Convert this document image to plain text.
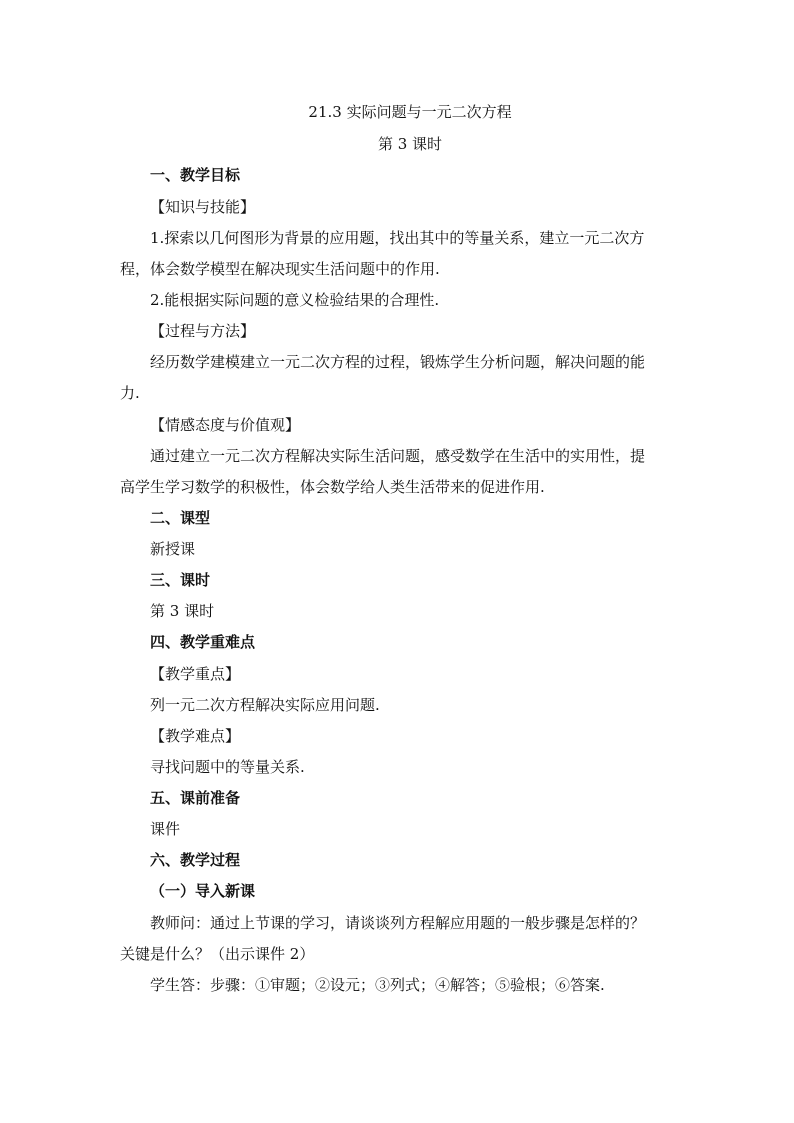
21.3 实际问题与一元二次方程
第 3 课时
一、教学目标
【知识与技能】
1.探索以几何图形为背景的应用题，找出其中的等量关系，建立一元二次方
程，体会数学模型在解决现实生活问题中的作用.
2.能根据实际问题的意义检验结果的合理性.
【过程与方法】
经历数学建模建立一元二次方程的过程，锻炼学生分析问题，解决问题的能
力.
【情感态度与价值观】
通过建立一元二次方程解决实际生活问题，感受数学在生活中的实用性，提
高学生学习数学的积极性，体会数学给人类生活带来的促进作用.
二、课型
新授课
三、课时
第 3 课时
四、教学重难点
【教学重点】
列一元二次方程解决实际应用问题.
【教学难点】
寻找问题中的等量关系.
五、课前准备
课件
六、教学过程
（一）导入新课
教师问：通过上节课的学习，请谈谈列方程解应用题的一般步骤是怎样的？
关键是什么？（出示课件 2）
学生答：步骤：①审题；②设元；③列式；④解答；⑤验根；⑥答案.
